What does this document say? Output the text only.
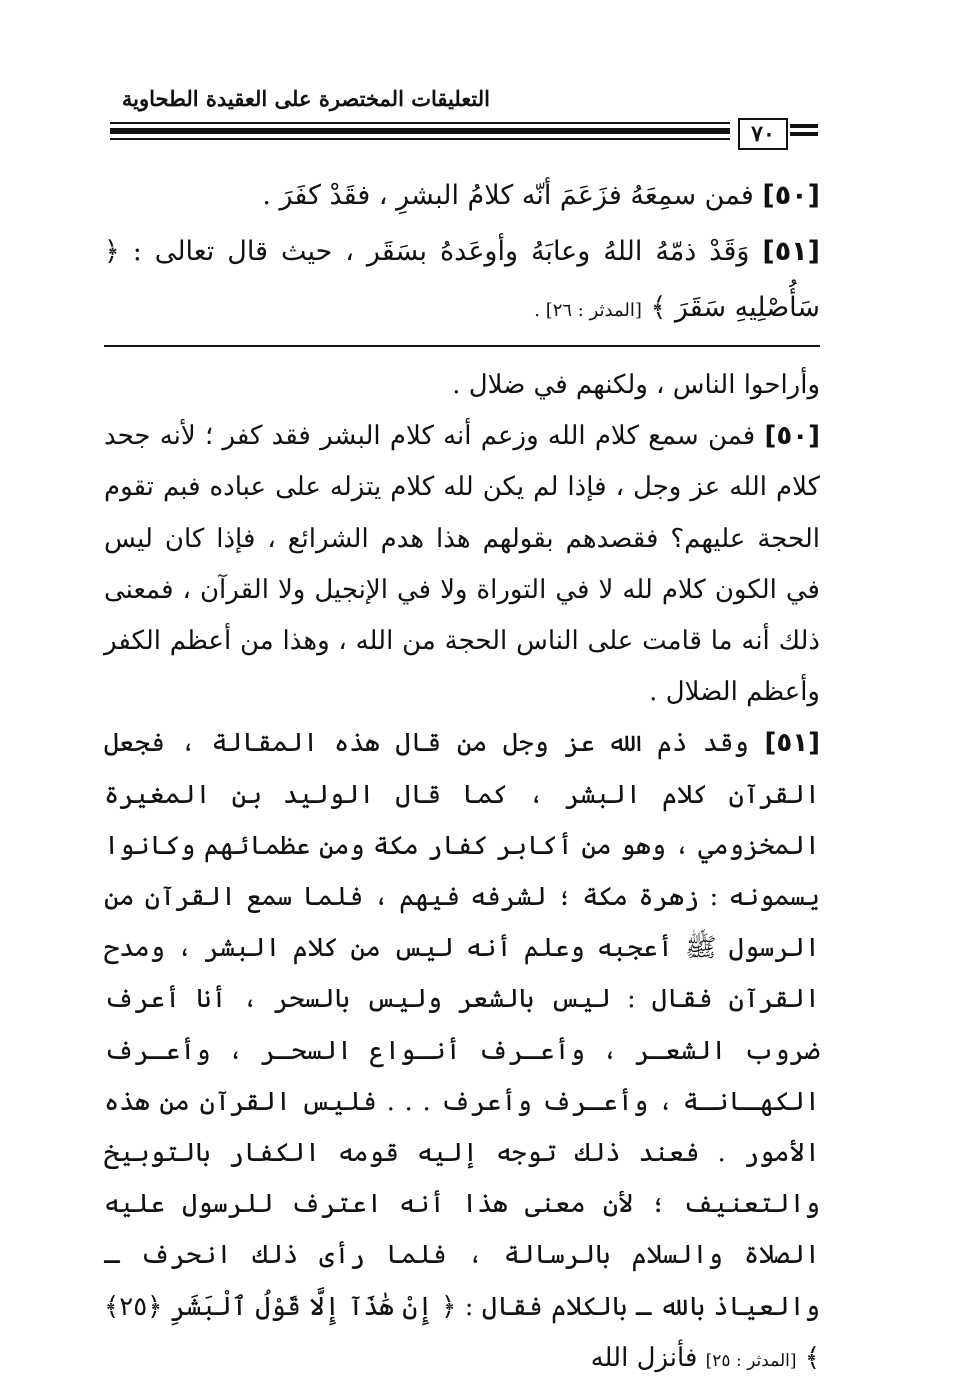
التعليقات المختصرة على العقيدة الطحاوية
٧٠

[٥٠] فمن سمِعَهُ فزَعَمَ أنّه كلامُ البشرِ ، فقَدْ كفَرَ .

[٥١] وَقَدْ ذمّهُ اللهُ وعابَهُ وأوعَدهُ بسَقَر ، حيث قال تعالى : ﴿ سَأُصْلِيهِ سَقَرَ ﴾ [المدثر : ٢٦] .

وأراحوا الناس ، ولكنهم في ضلال .

[٥٠] فمن سمع كلام الله وزعم أنه كلام البشر فقد كفر ؛ لأنه جحد كلام الله عز وجل ، فإذا لم يكن لله كلام يتزله على عباده فبم تقوم الحجة عليهم؟ فقصدهم بقولهم هذا هدم الشرائع ، فإذا كان ليس في الكون كلام لله لا في التوراة ولا في الإنجيل ولا القرآن ، فمعنى ذلك أنه ما قامت على الناس الحجة من الله ، وهذا من أعظم الكفر وأعظم الضلال .

[٥١] وقد ذم الله عز وجل من قال هذه المقالة ، فجعل القرآن كلام البشر ، كما قال الوليد بن المغيرة المخزومي ، وهو من أكابر كفار مكة ومن عظمائهم وكانوا يسمونه : زهرة مكة ؛ لشرفه فيهم ، فلما سمع القرآن من الرسول ﷺ أعجبه وعلم أنه ليس من كلام البشر ، ومدح القرآن فقال : ليس بالشعر وليس بالسحر ، أنا أعرف ضروب الشعـر ، وأعـرف أنـواع السحـر ، وأعـرف الكهـانـة ، وأعـرف وأعرف . . . فليس القرآن من هذه الأمور . فعند ذلك توجه إليه قومه الكفار بالتوبيخ والتعنيف ؛ لأن معنى هذا أنه اعترف للرسول عليه الصلاة والسلام بالرسالة ، فلما رأى ذلك انحرف ـ والعياذ بالله ـ بالكلام فقال : ﴿ إِنْ هَٰذَآ إِلَّا قَوْلُ ٱلْبَشَرِ ﴿٢٥﴾ ﴾ [المدثر : ٢٥] فأنزل الله
